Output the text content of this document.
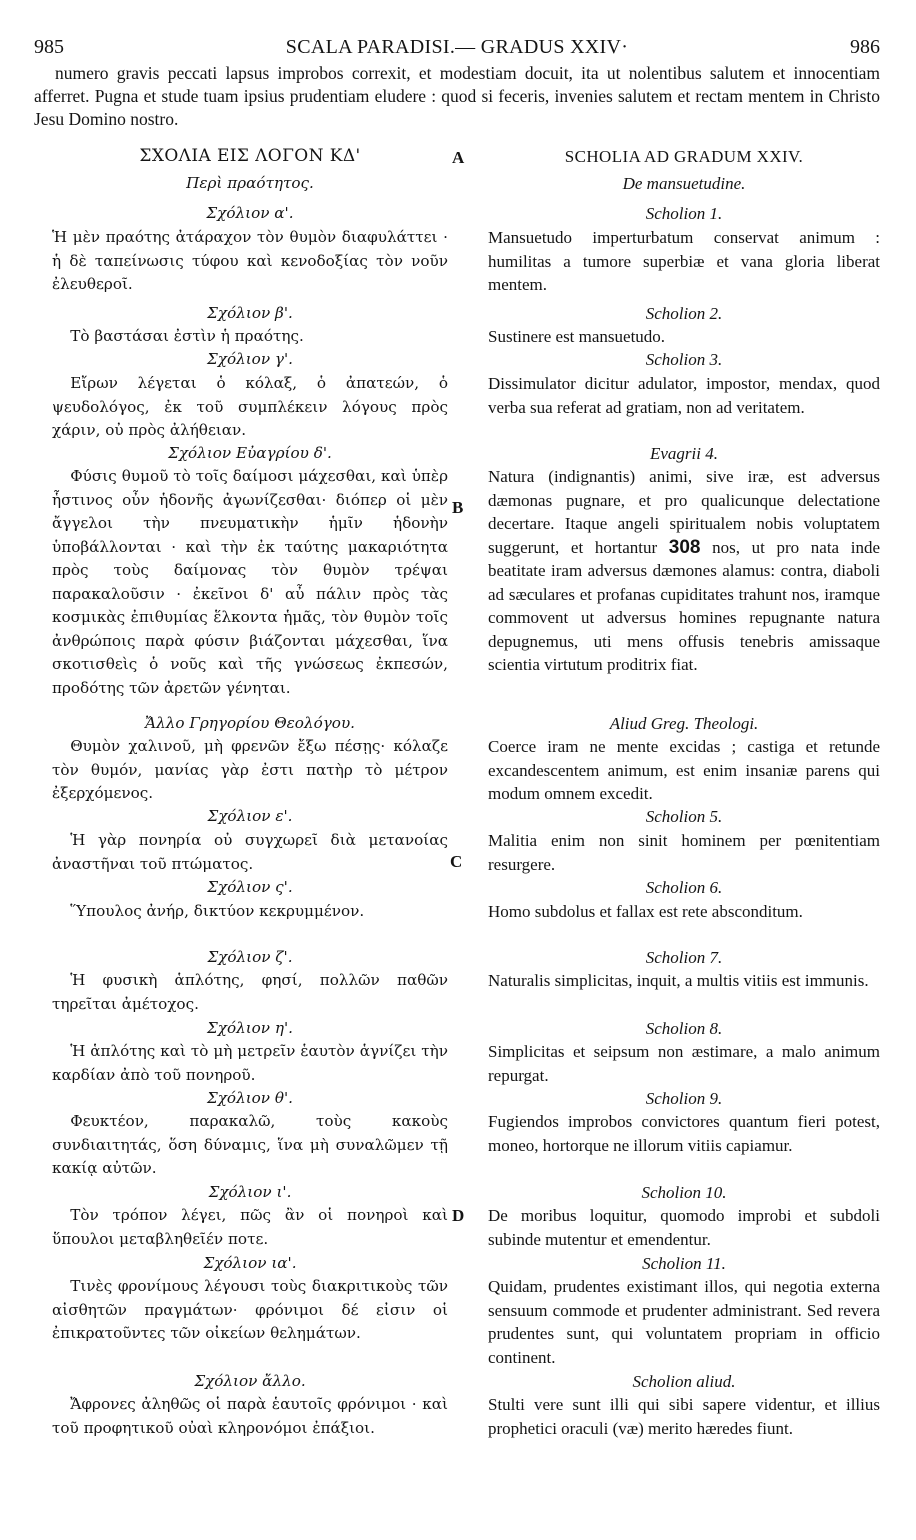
985	SCALA PARADISI.— GRADUS XXIV·	986
numero gravis peccati lapsus improbos correxit, et modestiam docuit, ita ut nolentibus salutem et innocentiam afferret. Pugna et stude tuam ipsius prudentiam eludere : quod si feceris, invenies salutem et rectam mentem in Christo Jesu Domino nostro.
A
B
C
D
ΣΧΟΛΙΑ ΕΙΣ ΛΟΓΟΝ ΚΔ'
Περὶ πραότητος.
Σχόλιον α'.
Ἡ μὲν πραότης ἀτάραχον τὸν θυμὸν διαφυλάττει · ἡ δὲ ταπείνωσις τύφου καὶ κενοδοξίας τὸν νοῦν ἐλευθεροῖ.
Σχόλιον β'.
Τὸ βαστάσαι ἐστὶν ἡ πραότης.
Σχόλιον γ'.
Εἴρων λέγεται ὁ κόλαξ, ὁ ἀπατεών, ὁ ψευδολόγος, ἐκ τοῦ συμπλέκειν λόγους πρὸς χάριν, οὐ πρὸς ἀλήθειαν.
Σχόλιον Εὐαγρίου δ'.
Φύσις θυμοῦ τὸ τοῖς δαίμοσι μάχεσθαι, καὶ ὑπὲρ ἧστινος οὖν ἡδονῆς ἀγωνίζεσθαι· διόπερ οἱ μὲν ἄγγελοι τὴν πνευματικὴν ἡμῖν ἡδονὴν ὑποβάλλονται · καὶ τὴν ἐκ ταύτης μακαριότητα πρὸς τοὺς δαίμονας τὸν θυμὸν τρέψαι παρακαλοῦσιν · ἐκεῖνοι δ' αὖ πάλιν πρὸς τὰς κοσμικὰς ἐπιθυμίας ἕλκοντα ἡμᾶς, τὸν θυμὸν τοῖς ἀνθρώποις παρὰ φύσιν βιάζονται μάχεσθαι, ἵνα σκοτισθεὶς ὁ νοῦς καὶ τῆς γνώσεως ἐκπεσών, προδότης τῶν ἀρετῶν γένηται.
Ἄλλο Γρηγορίου Θεολόγου.
Θυμὸν χαλινοῦ, μὴ φρενῶν ἔξω πέσῃς· κόλαζε τὸν θυμόν, μανίας γὰρ ἐστι πατὴρ τὸ μέτρον ἐξερχόμενος.
Σχόλιον ε'.
Ἡ γὰρ πονηρία οὐ συγχωρεῖ διὰ μετανοίας ἀναστῆναι τοῦ πτώματος.
Σχόλιον ς'.
Ὕπουλος ἀνήρ, δικτύον κεκρυμμένον.
Σχόλιον ζ'.
Ἡ φυσικὴ ἁπλότης, φησί, πολλῶν παθῶν τηρεῖται ἀμέτοχος.
Σχόλιον η'.
Ἡ ἁπλότης καὶ τὸ μὴ μετρεῖν ἑαυτὸν ἁγνίζει τὴν καρδίαν ἀπὸ τοῦ πονηροῦ.
Σχόλιον θ'.
Φευκτέον, παρακαλῶ, τοὺς κακοὺς συνδιαιτητάς, ὅση δύναμις, ἵνα μὴ συναλῶμεν τῇ κακίᾳ αὐτῶν.
Σχόλιον ι'.
Τὸν τρόπον λέγει, πῶς ἂν οἱ πονηροὶ καὶ ὕπουλοι μεταβληθεῖέν ποτε.
Σχόλιον ια'.
Τινὲς φρονίμους λέγουσι τοὺς διακριτικοὺς τῶν αἰσθητῶν πραγμάτων· φρόνιμοι δέ εἰσιν οἱ ἐπικρατοῦντες τῶν οἰκείων θελημάτων.
Σχόλιον ἄλλο.
Ἄφρονες ἀληθῶς οἱ παρὰ ἑαυτοῖς φρόνιμοι · καὶ τοῦ προφητικοῦ οὐαὶ κληρονόμοι ἐπάξιοι.
SCHOLIA AD GRADUM XXIV.
De mansuetudine.
Scholion 1.
Mansuetudo imperturbatum conservat animum : humilitas a tumore superbiæ et vana gloria liberat mentem.
Scholion 2.
Sustinere est mansuetudo.
Scholion 3.
Dissimulator dicitur adulator, impostor, mendax, quod verba sua referat ad gratiam, non ad veritatem.
Evagrii 4.
Natura (indignantis) animi, sive iræ, est adversus dæmonas pugnare, et pro qualicunque delectatione decertare. Itaque angeli spiritualem nobis voluptatem suggerunt, et hortantur 308 nos, ut pro nata inde beatitate iram adversus dæmones alamus: contra, diaboli ad sæculares et profanas cupiditates trahunt nos, iramque commovent ut adversus homines repugnante natura depugnemus, uti mens offusis tenebris amissaque scientia virtutum proditrix fiat.
Aliud Greg. Theologi.
Coerce iram ne mente excidas ; castiga et retunde excandescentem animum, est enim insaniæ parens qui modum omnem excedit.
Scholion 5.
Malitia enim non sinit hominem per pœnitentiam resurgere.
Scholion 6.
Homo subdolus et fallax est rete absconditum.
Scholion 7.
Naturalis simplicitas, inquit, a multis vitiis est immunis.
Scholion 8.
Simplicitas et seipsum non æstimare, a malo animum repurgat.
Scholion 9.
Fugiendos improbos convictores quantum fieri potest, moneo, hortorque ne illorum vitiis capiamur.
Scholion 10.
De moribus loquitur, quomodo improbi et subdoli subinde mutentur et emendentur.
Scholion 11.
Quidam, prudentes existimant illos, qui negotia externa sensuum commode et prudenter administrant. Sed revera prudentes sunt, qui voluntatem propriam in officio continent.
Scholion aliud.
Stulti vere sunt illi qui sibi sapere videntur, et illius prophetici oraculi (væ) merito hæredes fiunt.
